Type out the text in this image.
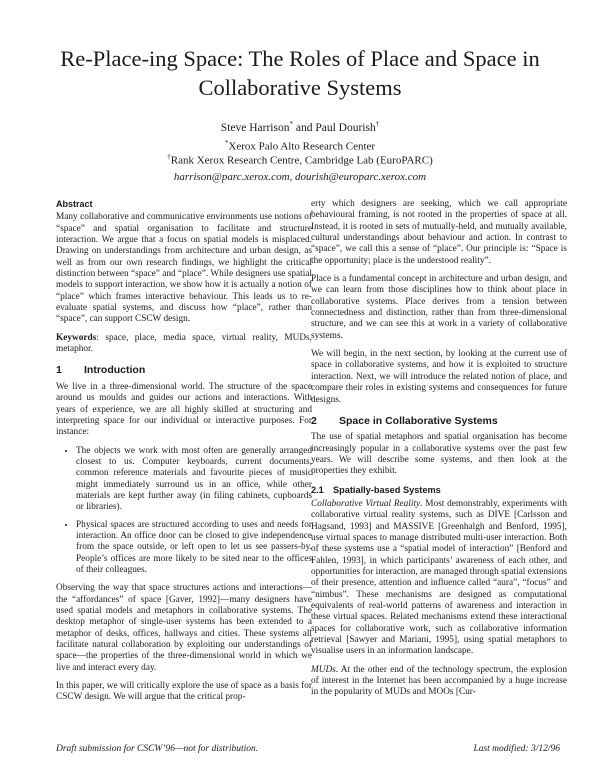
Re-Place-ing Space: The Roles of Place and Space in
Collaborative Systems

Steve Harrison* and Paul Dourish†

*Xerox Palo Alto Research Center

†Rank Xerox Research Centre, Cambridge Lab (EuroPARC)

harrison@parc.xerox.com, dourish@europarc.xerox.com

Abstract

Many collaborative and communicative environments use notions of “space” and spatial organisation to facilitate and structure interaction. We argue that a focus on spatial models is misplaced. Drawing on understandings from architecture and urban design, as well as from our own research findings, we highlight the critical distinction between “space” and “place”. While designers use spatial models to support interaction, we show how it is actually a notion of “place” which frames interactive behaviour. This leads us to re-evaluate spatial systems, and discuss how “place”, rather than “space”, can support CSCW design.

Keywords: space, place, media space, virtual reality, MUDs, metaphor.

1	Introduction

We live in a three-dimensional world. The structure of the space around us moulds and guides our actions and interactions. With years of experience, we are all highly skilled at structuring and interpreting space for our individual or interactive purposes. For instance:

• The objects we work with most often are generally arranged closest to us. Computer keyboards, current documents, common reference materials and favourite pieces of music might immediately surround us in an office, while other materials are kept further away (in filing cabinets, cupboards or libraries).
• Physical spaces are structured according to uses and needs for interaction. An office door can be closed to give independence from the space outside, or left open to let us see passers-by. People’s offices are more likely to be sited near to the offices of their colleagues.

Observing the way that space structures actions and interactions—the “affordances” of space [Gaver, 1992]—many designers have used spatial models and metaphors in collaborative systems. The desktop metaphor of single-user systems has been extended to a metaphor of desks, offices, hallways and cities. These systems all facilitate natural collaboration by exploiting our understandings of space—the properties of the three-dimensional world in which we live and interact every day.

In this paper, we will critically explore the use of space as a basis for CSCW design. We will argue that the critical prop-

erty which designers are seeking, which we call appropriate behavioural framing, is not rooted in the properties of space at all. Instead, it is rooted in sets of mutually-held, and mutually available, cultural understandings about behaviour and action. In contrast to “space”, we call this a sense of “place”. Our principle is: “Space is the opportunity; place is the understood reality”.

Place is a fundamental concept in architecture and urban design, and we can learn from those disciplines how to think about place in collaborative systems. Place derives from a tension between connectedness and distinction, rather than from three-dimensional structure, and we can see this at work in a variety of collaborative systems.

We will begin, in the next section, by looking at the current use of space in collaborative systems, and how it is exploited to structure interaction. Next, we will introduce the related notion of place, and compare their roles in existing systems and consequences for future designs.

2	Space in Collaborative Systems

The use of spatial metaphors and spatial organisation has become increasingly popular in a collaborative systems over the past few years. We will describe some systems, and then look at the properties they exhibit.

2.1	Spatially-based Systems

Collaborative Virtual Reality. Most demonstrably, experiments with collaborative virtual reality systems, such as DIVE [Carlsson and Hagsand, 1993] and MASSIVE [Greenhalgh and Benford, 1995], use virtual spaces to manage distributed multi-user interaction. Both of these systems use a “spatial model of interaction” [Benford and Fahlen, 1993], in which participants’ awareness of each other, and opportunities for interaction, are managed through spatial extensions of their presence, attention and influence called “aura”, “focus” and “nimbus”. These mechanisms are designed as computational equivalents of real-world patterns of awareness and interaction in these virtual spaces. Related mechanisms extend these interactional spaces for collaborative work, such as collaborative information retrieval [Sawyer and Mariani, 1995], using spatial metaphors to visualise users in an information landscape.

MUDs. At the other end of the technology spectrum, the explosion of interest in the Internet has been accompanied by a huge increase in the popularity of MUDs and MOOs [Cur-

Draft submission for CSCW’96—not for distribution.	Last modified: 3/12/96
